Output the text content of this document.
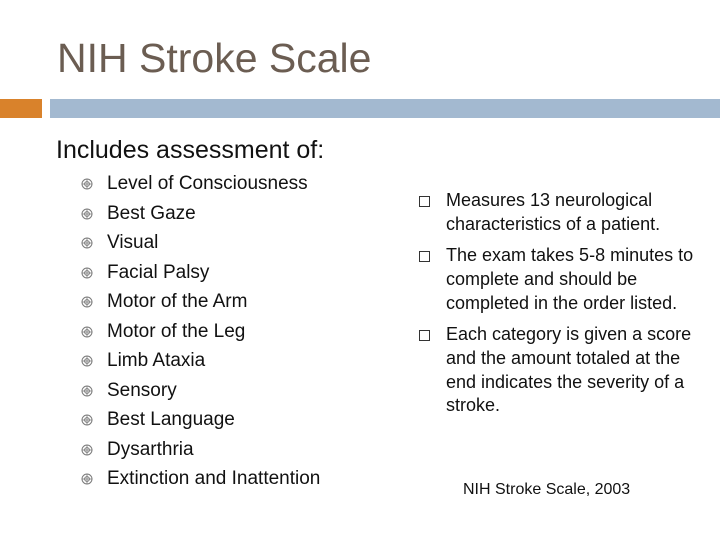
NIH Stroke Scale
Includes assessment of:
Level of Consciousness
Best Gaze
Visual
Facial Palsy
Motor of the Arm
Motor of the Leg
Limb Ataxia
Sensory
Best Language
Dysarthria
Extinction and Inattention
Measures 13 neurological characteristics of a patient.
The exam takes 5-8 minutes to complete and should be completed in the order listed.
Each category is given a score and the amount totaled at the end indicates the severity of a stroke.
NIH Stroke Scale, 2003
